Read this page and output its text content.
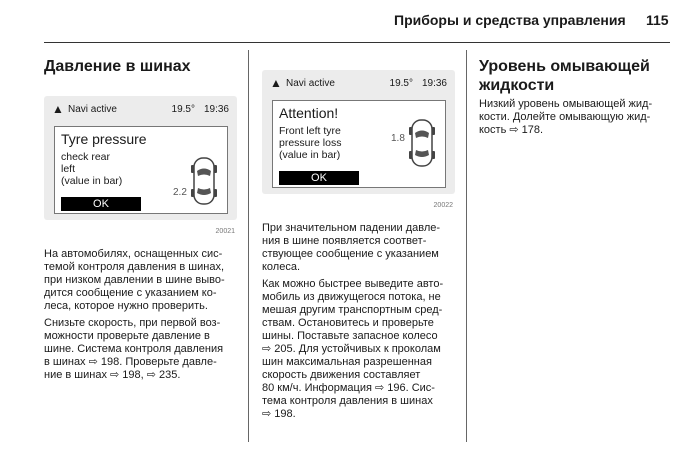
Приборы и средства управления 115
Давление в шинах
▲ Navi active	19.5° 19:36
Tyre pressure
check rear
left
(value in bar)
OK
2.2
20021

На автомобилях, оснащенных сис-
темой контроля давления в шинах,
при низком давлении в шине выво-
дится сообщение с указанием ко-
леса, которое нужно проверить.

Снизьте скорость, при первой воз-
можности проверьте давление в
шине. Система контроля давления
в шинах ⇨ 198. Проверьте давле-
ние в шинах ⇨ 198, ⇨ 235.

▲ Navi active	19.5° 19:36
Attention!
Front left tyre
pressure loss
(value in bar)
OK
1.8
20022

При значительном падении давле-
ния в шине появляется соответ-
ствующее сообщение с указанием
колеса.

Как можно быстрее выведите авто-
мобиль из движущегося потока, не
мешая другим транспортным сред-
ствам. Остановитесь и проверьте
шины. Поставьте запасное колесо
⇨ 205. Для устойчивых к проколам
шин максимальная разрешенная
скорость движения составляет
80 км/ч. Информация ⇨ 196. Сис-
тема контроля давления в шинах
⇨ 198.

Уровень омывающей
жидкости

Низкий уровень омывающей жид-
кости. Долейте омывающую жид-
кость ⇨ 178.
